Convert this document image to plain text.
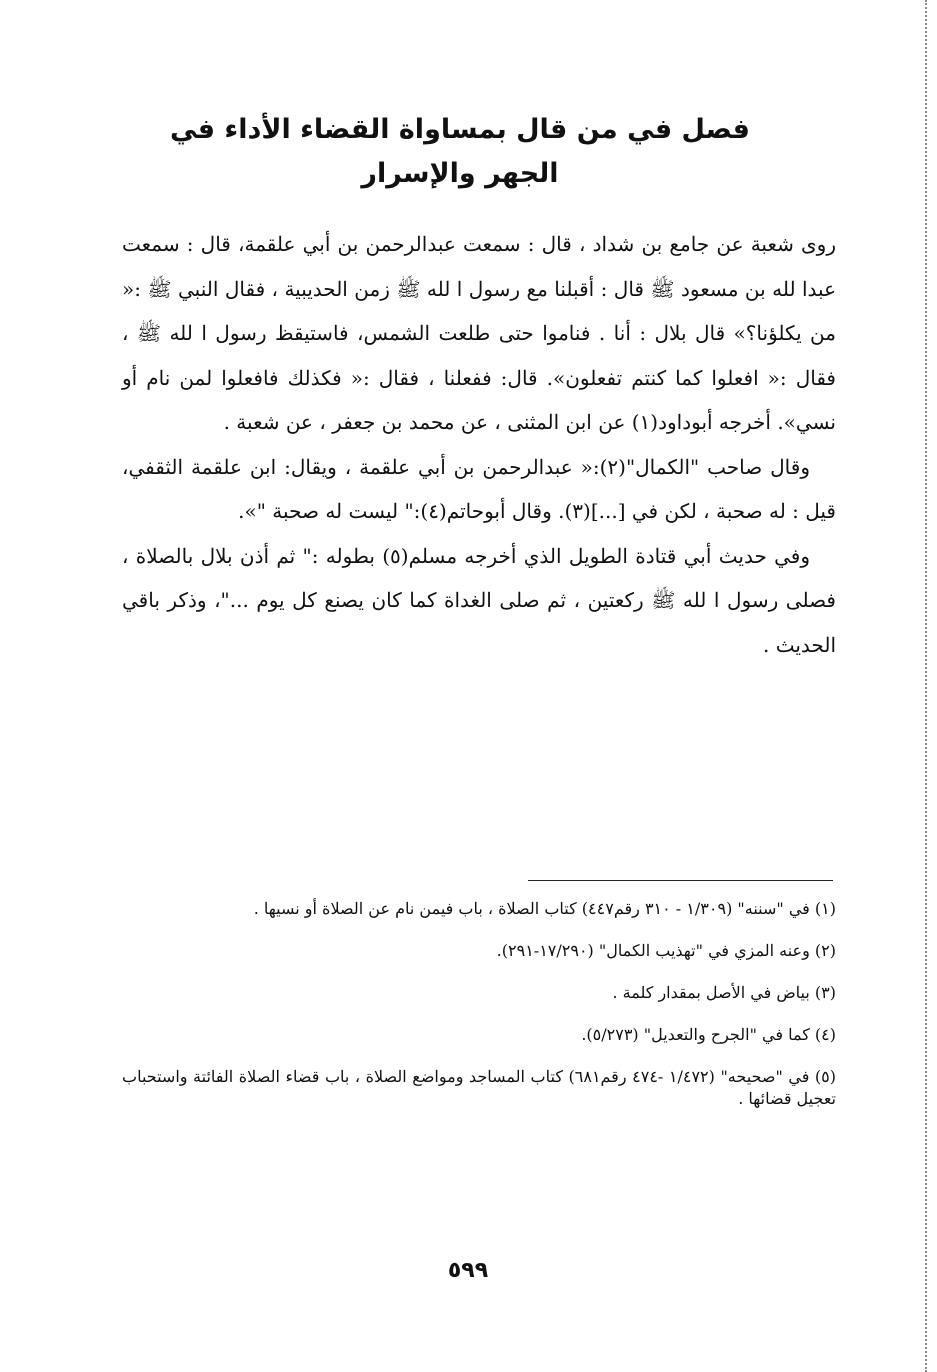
فصل في من قال بمساواة القضاء الأداء في الجهر والإسرار

روى شعبة عن جامع بن شداد ، قال : سمعت عبدالرحمن بن أبي علقمة، قال : سمعت عبدا لله بن مسعود ﷺ قال : أقبلنا مع رسول ا لله ﷺ زمن الحديبية ، فقال النبي ﷺ :« من يكلؤنا؟» قال بلال : أنا . فناموا حتى طلعت الشمس، فاستيقظ رسول ا لله ﷺ ، فقال :« افعلوا كما كنتم تفعلون». قال: ففعلنا ، فقال :« فكذلك فافعلوا لمن نام أو نسي». أخرجه أبوداود(١) عن ابن المثنى ، عن محمد بن جعفر ، عن شعبة .

وقال صاحب "الكمال"(٢):« عبدالرحمن بن أبي علقمة ، ويقال: ابن علقمة الثقفي، قيل : له صحبة ، لكن في [...](٣). وقال أبوحاتم(٤):" ليست له صحبة "».

وفي حديث أبي قتادة الطويل الذي أخرجه مسلم(٥) بطوله :" ثم أذن بلال بالصلاة ، فصلى رسول ا لله ﷺ ركعتين ، ثم صلى الغداة كما كان يصنع كل يوم ..."، وذكر باقي الحديث .

(١) في "سننه" (١/٣٠٩ - ٣١٠ رقم٤٤٧) كتاب الصلاة ، باب فيمن نام عن الصلاة أو نسيها .
(٢) وعنه المزي في "تهذيب الكمال" (١٧/٢٩٠-٢٩١).
(٣) بياض في الأصل بمقدار كلمة .
(٤) كما في "الجرح والتعديل" (٥/٢٧٣).
(٥) في "صحيحه" (١/٤٧٢ -٤٧٤ رقم٦٨١) كتاب المساجد ومواضع الصلاة ، باب قضاء الصلاة الفائتة واستحباب تعجيل قضائها .
٥٩٩
